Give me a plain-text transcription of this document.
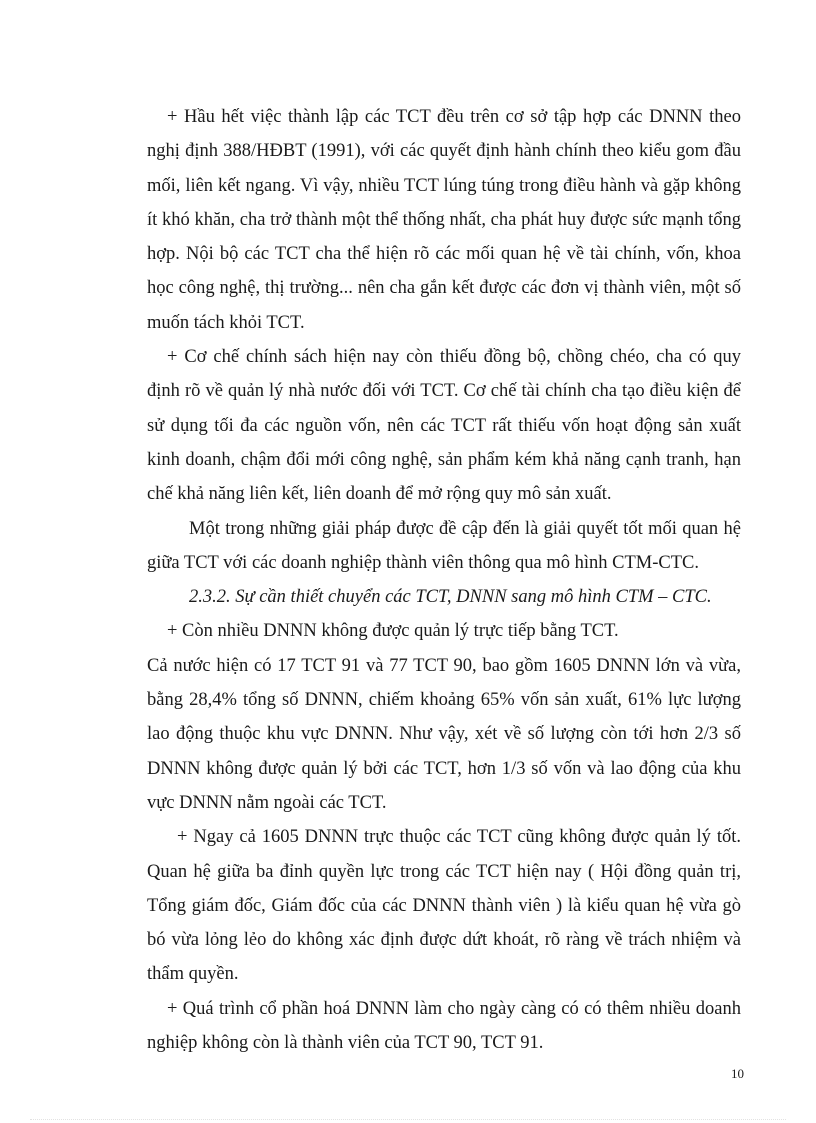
+ Hầu hết việc thành lập các TCT đều trên cơ sở tập hợp các DNNN theo nghị định 388/HĐBT (1991), với các quyết định hành chính theo kiểu gom đầu mối, liên kết ngang. Vì vậy, nhiều TCT lúng túng trong điều hành và gặp không ít khó khăn, cha trở thành một thể thống nhất, cha phát huy được sức mạnh tổng hợp. Nội bộ các TCT cha thể hiện rõ các mối quan hệ về tài chính, vốn, khoa học công nghệ, thị trường... nên cha gắn kết được các đơn vị thành viên, một số muốn tách khỏi TCT.

+ Cơ chế chính sách hiện nay còn thiếu đồng bộ, chồng chéo, cha có quy định rõ về quản lý nhà nước đối với TCT. Cơ chế tài chính cha tạo điều kiện để sử dụng tối đa các nguồn vốn, nên các TCT rất thiếu vốn hoạt động sản xuất kinh doanh, chậm đổi mới công nghệ, sản phẩm kém khả năng cạnh tranh, hạn chế khả năng liên kết, liên doanh để mở rộng quy mô sản xuất.

Một trong những giải pháp được đề cập đến là giải quyết tốt mối quan hệ giữa TCT với các doanh nghiệp thành viên thông qua mô hình CTM-CTC.

2.3.2. Sự cần thiết chuyển các TCT, DNNN sang mô hình CTM – CTC.

+ Còn nhiều DNNN không được quản lý trực tiếp bằng TCT.

Cả nước hiện có 17 TCT 91 và 77 TCT 90, bao gồm 1605 DNNN lớn và vừa, bằng 28,4% tổng số DNNN, chiếm khoảng 65% vốn sản xuất, 61% lực lượng lao động thuộc khu vực DNNN. Như vậy, xét về số lượng còn tới hơn 2/3 số DNNN không được quản lý bởi các TCT, hơn 1/3 số vốn và lao động của khu vực DNNN nằm ngoài các TCT.

+ Ngay cả 1605 DNNN trực thuộc các TCT cũng không được quản lý tốt. Quan hệ giữa ba đỉnh quyền lực trong các TCT hiện nay ( Hội đồng quản trị, Tổng giám đốc, Giám đốc của các DNNN thành viên ) là kiểu quan hệ vừa gò bó vừa lỏng lẻo do không xác định được dứt khoát, rõ ràng về trách nhiệm và thẩm quyền.

+ Quá trình cổ phần hoá DNNN làm cho ngày càng có có thêm nhiều doanh nghiệp không còn là thành viên của TCT 90, TCT 91.

10
